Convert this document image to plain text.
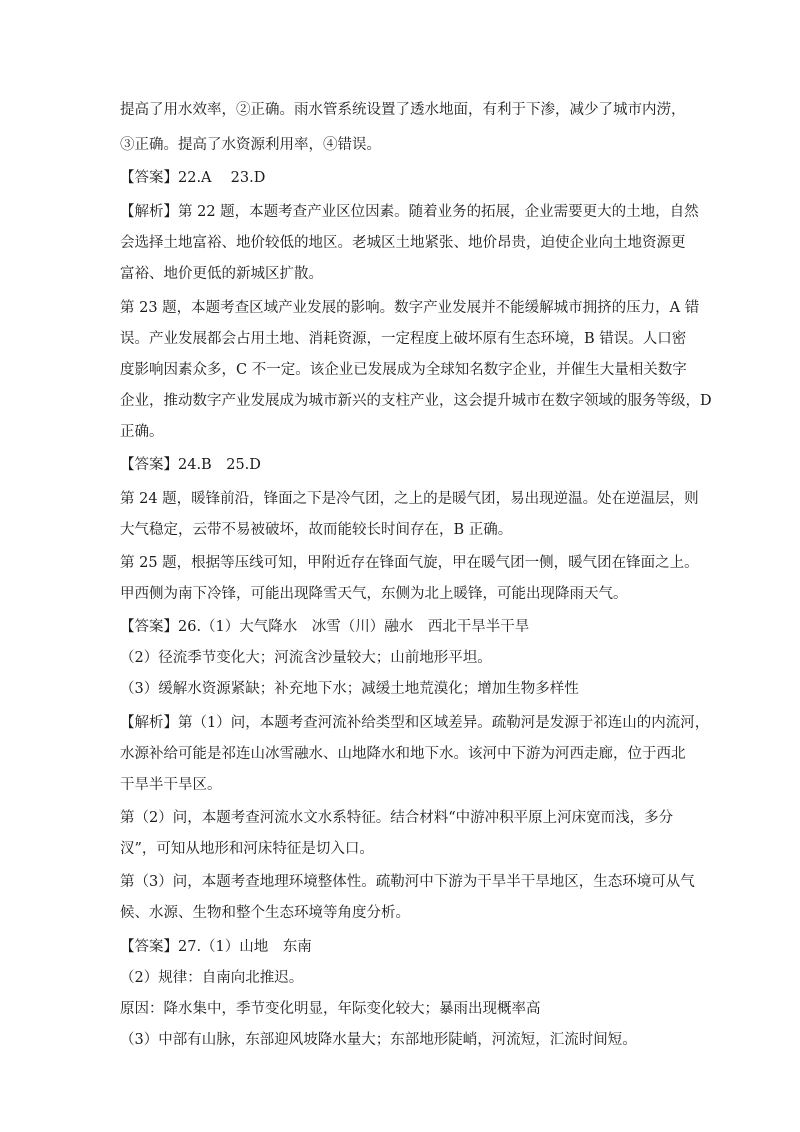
提高了用水效率，②正确。雨水管系统设置了透水地面，有利于下渗，减少了城市内涝，
③正确。提高了水资源利用率，④错误。
【答案】22.A　 23.D
【解析】第 22 题，本题考查产业区位因素。随着业务的拓展，企业需要更大的土地，自然
会选择土地富裕、地价较低的地区。老城区土地紧张、地价昂贵，迫使企业向土地资源更
富裕、地价更低的新城区扩散。
第 23 题，本题考查区域产业发展的影响。数字产业发展并不能缓解城市拥挤的压力，A 错
误。产业发展都会占用土地、消耗资源，一定程度上破坏原有生态环境，B 错误。人口密
度影响因素众多，C 不一定。该企业已发展成为全球知名数字企业，并催生大量相关数字
企业，推动数字产业发展成为城市新兴的支柱产业，这会提升城市在数字领域的服务等级，D
正确。
【答案】24.B　25.D
第 24 题，暖锋前沿，锋面之下是冷气团，之上的是暖气团，易出现逆温。处在逆温层，则
大气稳定，云带不易被破坏，故而能较长时间存在，B 正确。
第 25 题，根据等压线可知，甲附近存在锋面气旋，甲在暖气团一侧，暖气团在锋面之上。
甲西侧为南下冷锋，可能出现降雪天气，东侧为北上暖锋，可能出现降雨天气。
【答案】26.（1）大气降水　冰雪（川）融水　西北干旱半干旱
（2）径流季节变化大；河流含沙量较大；山前地形平坦。
（3）缓解水资源紧缺；补充地下水；减缓土地荒漠化；增加生物多样性
【解析】第（1）问，本题考查河流补给类型和区域差异。疏勒河是发源于祁连山的内流河，
水源补给可能是祁连山冰雪融水、山地降水和地下水。该河中下游为河西走廊，位于西北
干旱半干旱区。
第（2）问，本题考查河流水文水系特征。结合材料“中游冲积平原上河床宽而浅，多分
汊”，可知从地形和河床特征是切入口。
第（3）问，本题考查地理环境整体性。疏勒河中下游为干旱半干旱地区，生态环境可从气
候、水源、生物和整个生态环境等角度分析。
【答案】27.（1）山地　东南
（2）规律：自南向北推迟。
原因：降水集中，季节变化明显，年际变化较大；暴雨出现概率高
（3）中部有山脉，东部迎风坡降水量大；东部地形陡峭，河流短，汇流时间短。
